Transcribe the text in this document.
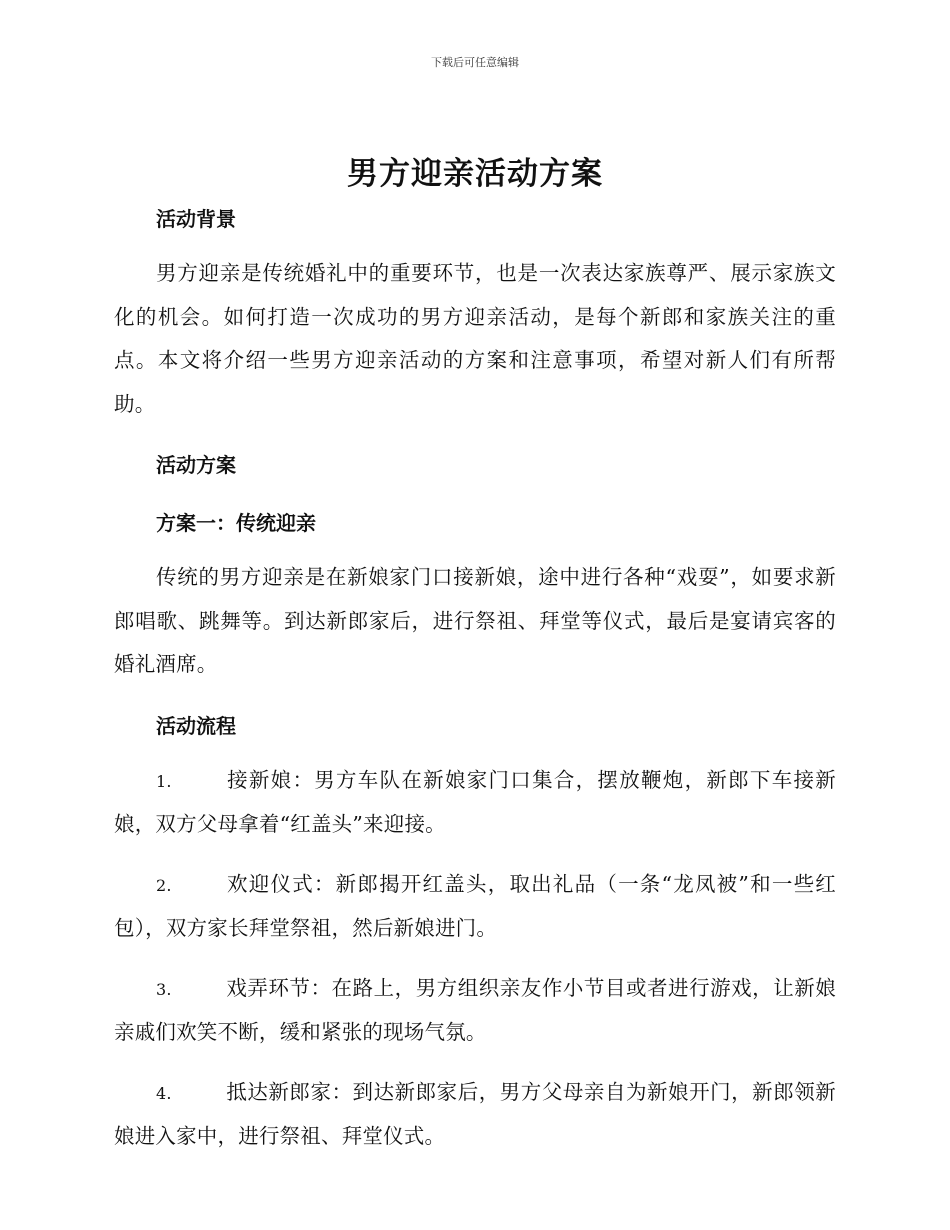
下载后可任意编辑
男方迎亲活动方案

活动背景

男方迎亲是传统婚礼中的重要环节，也是一次表达家族尊严、展示家族文化的机会。如何打造一次成功的男方迎亲活动，是每个新郎和家族关注的重点。本文将介绍一些男方迎亲活动的方案和注意事项，希望对新人们有所帮助。

活动方案

方案一：传统迎亲

传统的男方迎亲是在新娘家门口接新娘，途中进行各种“戏耍”，如要求新郎唱歌、跳舞等。到达新郎家后，进行祭祖、拜堂等仪式，最后是宴请宾客的婚礼酒席。

活动流程

1.	接新娘：男方车队在新娘家门口集合，摆放鞭炮，新郎下车接新娘，双方父母拿着“红盖头”来迎接。

2.	欢迎仪式：新郎揭开红盖头，取出礼品（一条“龙凤被”和一些红包），双方家长拜堂祭祖，然后新娘进门。

3.	戏弄环节：在路上，男方组织亲友作小节目或者进行游戏，让新娘亲戚们欢笑不断，缓和紧张的现场气氛。

4.	抵达新郎家：到达新郎家后，男方父母亲自为新娘开门，新郎领新娘进入家中，进行祭祖、拜堂仪式。
